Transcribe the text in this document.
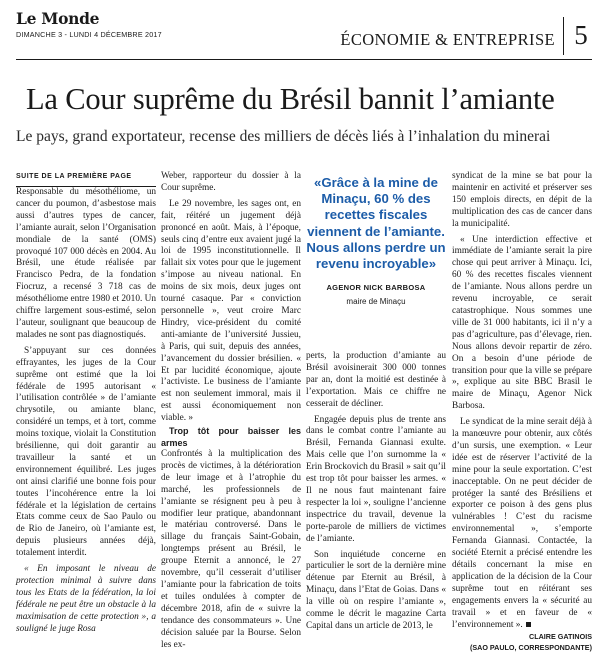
Le Monde
DIMANCHE 3 - LUNDI 4 DÉCEMBRE 2017	ÉCONOMIE & ENTREPRISE 5
La Cour suprême du Brésil bannit l’amiante
Le pays, grand exportateur, recense des milliers de décès liés à l’inhalation du minerai

SUITE DE LA PREMIÈRE PAGE

Responsable du mésothéliome, un cancer du poumon, d’asbestose mais aussi d’autres types de cancer, l’amiante aurait, selon l’Organisation mondiale de la santé (OMS) provoqué 107 000 décès en 2004. Au Brésil, une étude réalisée par Francisco Pedra, de la fondation Fiocruz, a recensé 3 718 cas de mésothéliome entre 1980 et 2010. Un chiffre largement sous-estimé, selon l’auteur, soulignant que beaucoup de malades ne sont pas diagnostiqués.

S’appuyant sur ces données effrayantes, les juges de la Cour suprême ont estimé que la loi fédérale de 1995 autorisant « l’utilisation contrôlée » de l’amiante chrysotile, ou amiante blanc, considéré un temps, et à tort, comme moins toxique, violait la Constitution brésilienne, qui doit garantir au travailleur la santé et un environnement équilibré. Les juges ont ainsi clarifié une bonne fois pour toutes l’incohérence entre la loi fédérale et la législation de certains Etats comme ceux de Sao Paulo ou de Rio de Janeiro, où l’amiante est, depuis plusieurs années déjà, totalement interdit.

« En imposant le niveau de protection minimal à suivre dans tous les Etats de la fédération, la loi fédérale ne peut être un obstacle à la maximisation de cette protection », a souligné le juge Rosa

Weber, rapporteur du dossier à la Cour suprême.

Le 29 novembre, les sages ont, en fait, réitéré un jugement déjà prononcé en août. Mais, à l’époque, seuls cinq d’entre eux avaient jugé la loi de 1995 inconstitutionnelle. Il fallait six votes pour que le jugement s’impose au niveau national. En moins de six mois, deux juges ont tourné casaque. Par « conviction personnelle », veut croire Marc Hindry, vice-président du comité anti-amiante de l’université Jussieu, à Paris, qui suit, depuis des années, l’avancement du dossier brésilien. « Et par lucidité économique, ajoute l’activiste. Le business de l’amiante est non seulement immoral, mais il est aussi économiquement non viable. »

Trop tôt pour baisser les armes

Confrontés à la multiplication des procès de victimes, à la détérioration de leur image et à l’atrophie du marché, les professionnels de l’amiante se résignent peu à peu à modifier leur pratique, abandonnant le matériau controversé. Dans le sillage du français Saint-Gobain, longtemps présent au Brésil, le groupe Eternit a annoncé, le 27 novembre, qu’il cesserait d’utiliser l’amiante pour la fabrication de toits et tuiles ondulées à compter de décembre 2018, afin de « suivre la tendance des consommateurs ». Une décision saluée par la Bourse. Selon les ex-

«Grâce à la mine de Minaçu, 60 % des recettes fiscales viennent de l’amiante. Nous allons perdre un revenu incroyable»
AGENOR NICK BARBOSA
maire de Minaçu

perts, la production d’amiante au Brésil avoisinerait 300 000 tonnes par an, dont la moitié est destinée à l’exportation. Mais ce chiffre ne cesserait de décliner.

Engagée depuis plus de trente ans dans le combat contre l’amiante au Brésil, Fernanda Giannasi exulte. Mais celle que l’on surnomme la « Erin Brockovich du Brasil » sait qu’il est trop tôt pour baisser les armes. « Il ne nous faut maintenant faire respecter la loi », souligne l’ancienne inspectrice du travail, devenue la porte-parole de milliers de victimes de l’amiante.

Son inquiétude concerne en particulier le sort de la dernière mine détenue par Eternit au Brésil, à Minaçu, dans l’Etat de Goias. Dans « la ville où on respire l’amiante », comme le décrit le magazine Carta Capital dans un article de 2013, le

syndicat de la mine se bat pour la maintenir en activité et préserver ses 150 emplois directs, en dépit de la multiplication des cas de cancer dans la municipalité.

« Une interdiction effective et immédiate de l’amiante serait la pire chose qui peut arriver à Minaçu. Ici, 60 % des recettes fiscales viennent de l’amiante. Nous allons perdre un revenu incroyable, ce serait catastrophique. Nous sommes une ville de 31 000 habitants, ici il n’y a pas d’agriculture, pas d’élevage, rien. Nous allons devoir repartir de zéro. On a besoin d’une période de transition pour que la ville se prépare », explique au site BBC Brasil le maire de Minaçu, Agenor Nick Barbosa.

Le syndicat de la mine serait déjà à la manœuvre pour obtenir, aux côtés d’un sursis, une exemption. « Leur idée est de réserver l’activité de la mine pour la seule exportation. C’est inacceptable. On ne peut décider de protéger la santé des Brésiliens et exporter ce poison à des gens plus vulnérables ! C’est du racisme environnemental », s’emporte Fernanda Giannasi. Contactée, la société Eternit a précisé entendre les détails concernant la mise en application de la décision de la Cour suprême tout en réitérant ses engagements envers la « sécurité au travail » et en faveur de « l’environnement ».

CLAIRE GATINOIS

(SAO PAULO, CORRESPONDANTE)
